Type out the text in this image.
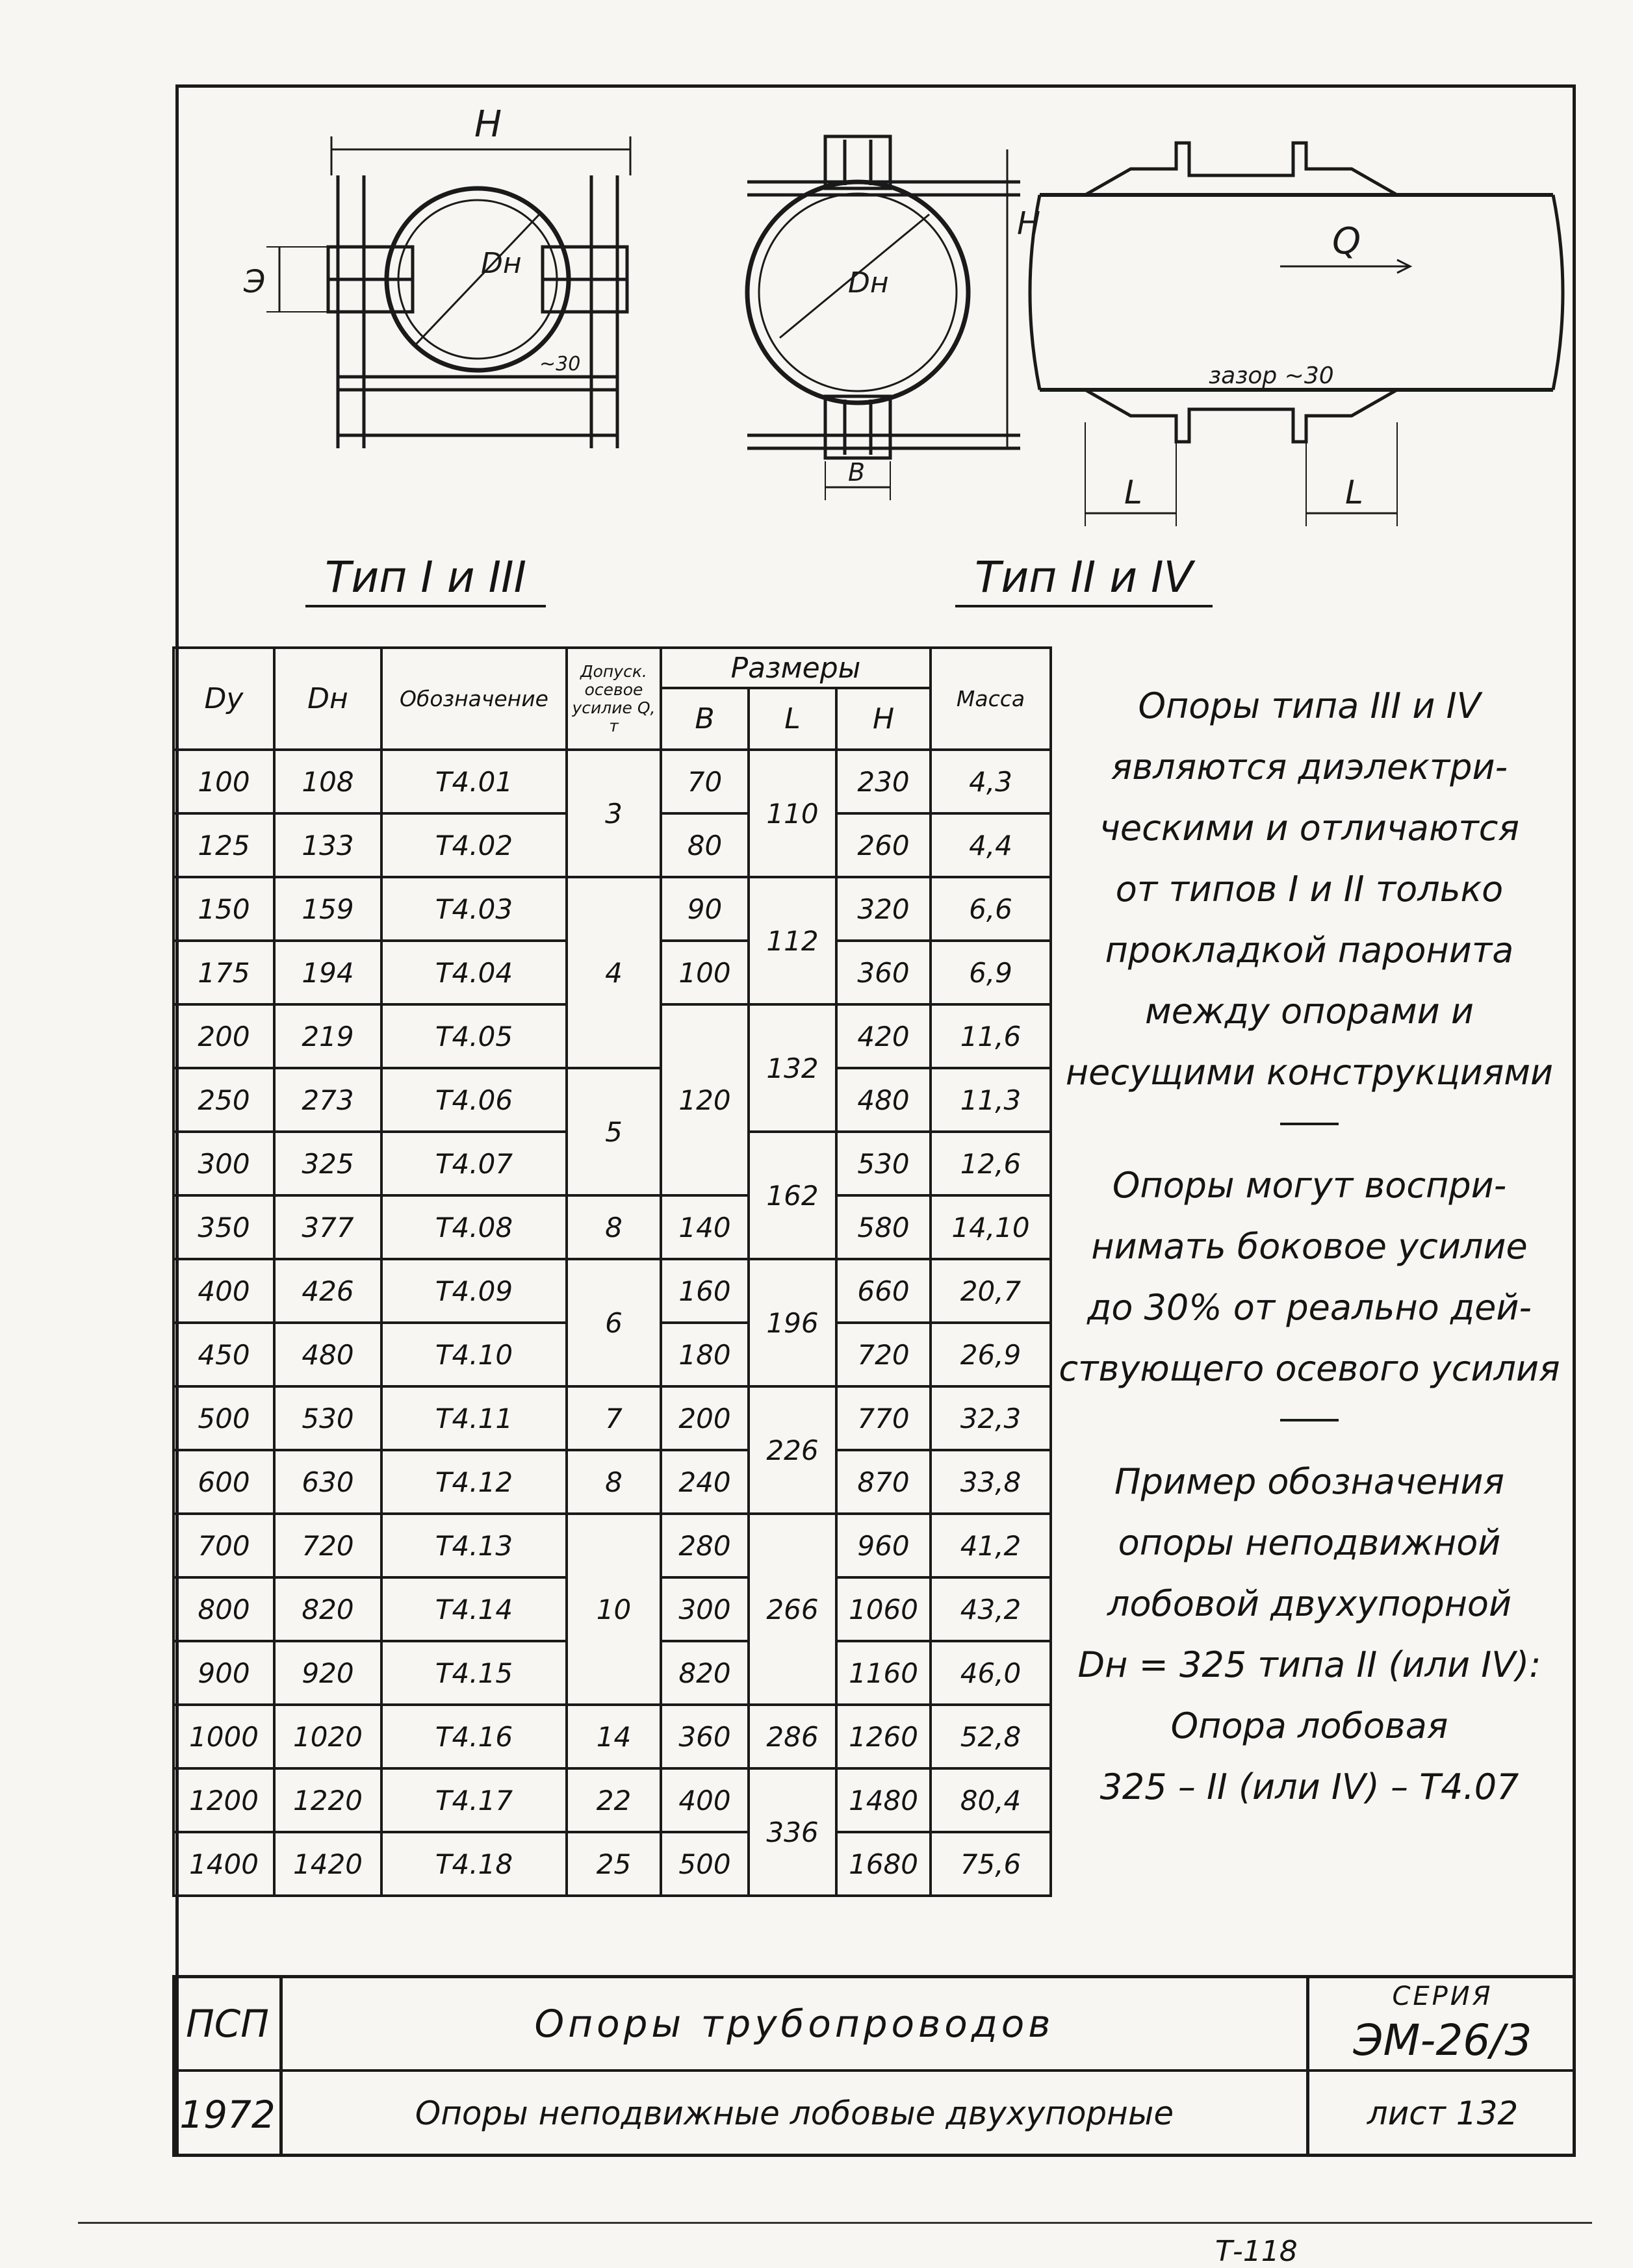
H
Э
Dн
~30
Dн
H
В
Q
зазор ~30
L	L
Тип I и III	Тип II и IV
Dу	Dн	Обозначение	Допуск. осевое усилие Q, т	Размеры			Масса
				В	L	Н	
100	108	Т4.01	3	70	110	230	4,3
125	133	Т4.02		80		260	4,4
150	159	Т4.03	4	90	112	320	6,6
175	194	Т4.04		100		360	6,9
200	219	Т4.05		120	132	420	11,6
250	273	Т4.06	5			480	11,3
300	325	Т4.07			162	530	12,6
350	377	Т4.08	8	140		580	14,10
400	426	Т4.09	6	160	196	660	20,7
450	480	Т4.10		180		720	26,9
500	530	Т4.11	7	200	226	770	32,3
600	630	Т4.12	8	240		870	33,8
700	720	Т4.13	10	280	266	960	41,2
800	820	Т4.14		300		1060	43,2
900	920	Т4.15		820		1160	46,0
1000	1020	Т4.16	14	360	286	1260	52,8
1200	1220	Т4.17	22	400	336	1480	80,4
1400	1420	Т4.18	25	500		1680	75,6

Опоры типа III и IV

являются диэлектри-

ческими и отличаются

от типов I и II только

прокладкой паронита

между опорами и

несущими конструкциями

Опоры могут воспри-

нимать боковое усилие

до 30% от реально дей-

ствующего осевого усилия

Пример обозначения

опоры неподвижной

лобовой двухупорной

Dн = 325 типа II (или IV):

Опора лобовая

325 – II (или IV) – Т4.07

ПСП
1972
Опоры трубопроводов
Опоры неподвижные лобовые двухупорные
СЕРИЯ
ЭМ-26/3
лист 132
Т-118
